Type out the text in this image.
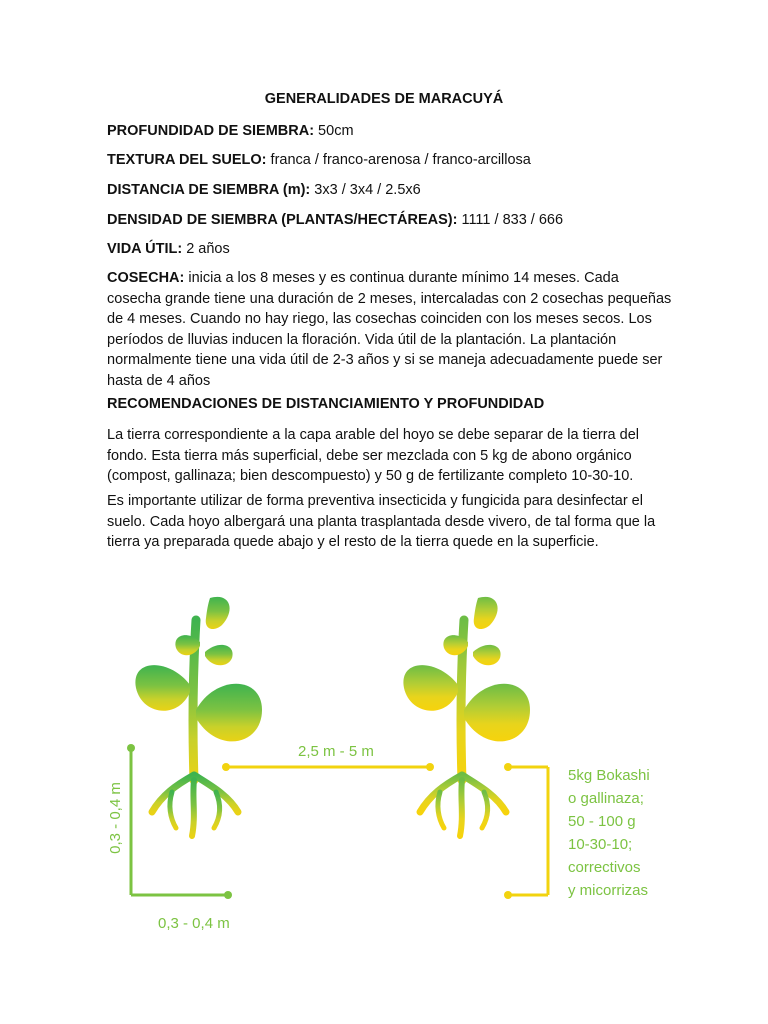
GENERALIDADES DE MARACUYÁ
PROFUNDIDAD DE SIEMBRA: 50cm
TEXTURA DEL SUELO: franca / franco-arenosa / franco-arcillosa
DISTANCIA DE SIEMBRA (m): 3x3 / 3x4 / 2.5x6
DENSIDAD DE SIEMBRA (PLANTAS/HECTÁREAS): 1111 / 833 / 666
VIDA ÚTIL: 2 años
COSECHA: inicia a los 8 meses y es continua durante mínimo 14 meses. Cada cosecha grande tiene una duración de 2 meses, intercaladas con 2 cosechas pequeñas de 4 meses. Cuando no hay riego, las cosechas coinciden con los meses secos. Los períodos de lluvias inducen la floración. Vida útil de la plantación. La plantación normalmente tiene una vida útil de 2-3 años y si se maneja adecuadamente puede ser hasta de 4 años
RECOMENDACIONES DE DISTANCIAMIENTO Y PROFUNDIDAD
La tierra correspondiente a la capa arable del hoyo se debe separar de la tierra del fondo. Esta tierra más superficial, debe ser mezclada con 5 kg de abono orgánico (compost, gallinaza; bien descompuesto) y 50 g de fertilizante completo 10-30-10.
Es importante utilizar de forma preventiva insecticida y fungicida para desinfectar el suelo. Cada hoyo albergará una planta trasplantada desde vivero, de tal forma que la tierra ya preparada quede abajo y el resto de la tierra quede en la superficie.
0,3 - 0,4 m
0,3 - 0,4 m
2,5 m - 5 m
5kg Bokashi
o gallinaza;
50 - 100 g
10-30-10;
correctivos
y micorrizas
